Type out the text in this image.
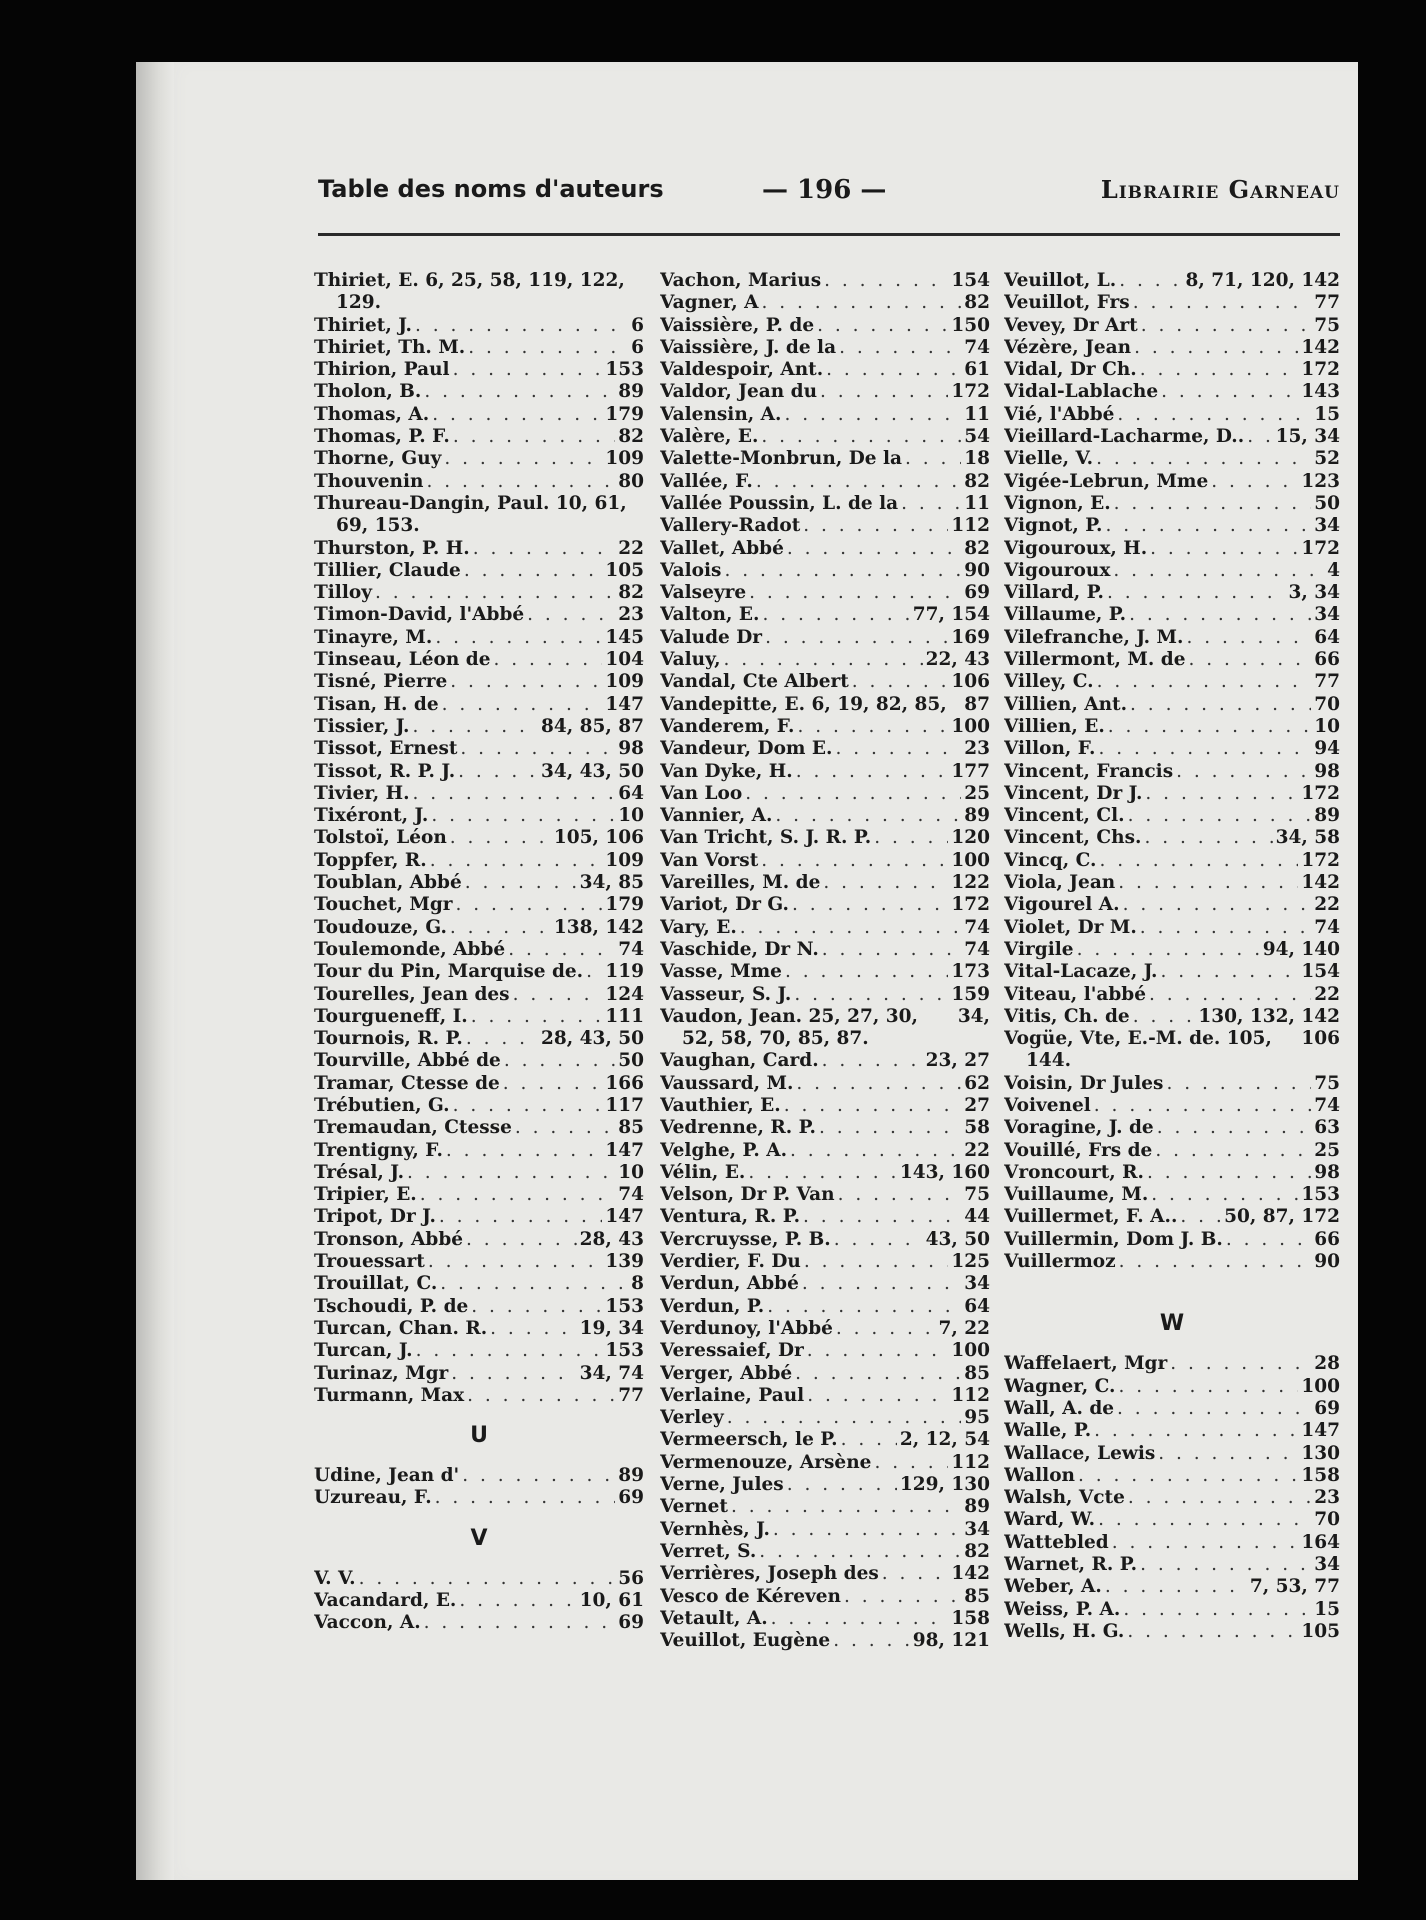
Table des noms d'auteurs	— 196 —	Librairie Garneau
Thiriet, E. 6, 25, 58, 119, 122,
129.
Thiriet, J. . . .	6
Thiriet, Th. M. . . .	6
Thirion, Paul . . .	153
Tholon, B. . . .	89
Thomas, A. . . .	179
Thomas, P. F. . . .	82
Thorne, Guy . . .	109
Thouvenin . . .	80
Thureau-Dangin, Paul. 10, 61,
69, 153.
Thurston, P. H. . . .	22
Tillier, Claude . . .	105
Tilloy . . .	82
Timon-David, l'Abbé . . .	23
Tinayre, M. . . .	145
Tinseau, Léon de . . .	104
Tisné, Pierre . . .	109
Tisan, H. de . . .	147
Tissier, J. . . .	84, 85, 87
Tissot, Ernest . . .	98
Tissot, R. P. J. . . .	34, 43, 50
Tivier, H. . . .	64
Tixéront, J. . . .	10
Tolstoï, Léon . . .	105, 106
Toppfer, R. . . .	109
Toublan, Abbé . . .	34, 85
Touchet, Mgr . . .	179
Toudouze, G. . . .	138, 142
Toulemonde, Abbé . . .	74
Tour du Pin, Marquise de. . . . 119
Tourelles, Jean des . . .	124
Tourgueneff, I. . . .	111
Tournois, R. P. . . .	28, 43, 50
Tourville, Abbé de . . .	50
Tramar, Ctesse de . . .	166
Trébutien, G. . . .	117
Tremaudan, Ctesse . . .	85
Trentigny, F. . . .	147
Trésal, J. . . .	10
Tripier, E. . . .	74
Tripot, Dr J. . . .	147
Tronson, Abbé . . .	28, 43
Trouessart . . .	139
Trouillat, C. . . .	8
Tschoudi, P. de . . .	153
Turcan, Chan. R. . . .	19, 34
Turcan, J. . . .	153
Turinaz, Mgr . . .	34, 74
Turmann, Max . . .	77
U
Udine, Jean d' . . .	89
Uzureau, F. . . .	69
V
V. V. . . .	56
Vacandard, E. . . .	10, 61
Vaccon, A. . . .	69
Vachon, Marius . . .	154
Vagner, A . . .	82
Vaissière, P. de . . .	150
Vaissière, J. de la . . .	74
Valdespoir, Ant. . . .	61
Valdor, Jean du . . .	172
Valensin, A. . . .	11
Valère, E. . . .	54
Valette-Monbrun, De la . . .	18
Vallée, F. . . .	82
Vallée Poussin, L. de la . . .	11
Vallery-Radot . . .	112
Vallet, Abbé . . .	82
Valois . . .	90
Valseyre . . .	69
Valton, E. . . .	77, 154
Valude Dr . . .	169
Valuy, . . .	22, 43
Vandal, Cte Albert . . .	106
Vandepitte, E. 6, 19, 82, 85, 87
Vanderem, F. . . .	100
Vandeur, Dom E. . . .	23
Van Dyke, H. . . .	177
Van Loo . . .	25
Vannier, A. . . .	89
Van Tricht, S. J. R. P. . . .	120
Van Vorst . . .	100
Vareilles, M. de . . .	122
Variot, Dr G. . . .	172
Vary, E. . . .	74
Vaschide, Dr N. . . .	74
Vasse, Mme . . .	173
Vasseur, S. J. . . .	159
Vaudon, Jean. 25, 27, 30, 34,
52, 58, 70, 85, 87.
Vaughan, Card. . . .	23, 27
Vaussard, M. . . .	62
Vauthier, E. . . .	27
Vedrenne, R. P. . . .	58
Velghe, P. A. . . .	22
Vélin, E. . . .	143, 160
Velson, Dr P. Van . . .	75
Ventura, R. P. . . .	44
Vercruysse, P. B. . . .	43, 50
Verdier, F. Du . . .	125
Verdun, Abbé . . .	34
Verdun, P. . . .	64
Verdunoy, l'Abbé . . .	7, 22
Veressaief, Dr . . .	100
Verger, Abbé . . .	85
Verlaine, Paul . . .	112
Verley . . .	95
Vermeersch, le P. . . .	2, 12, 54
Vermenouze, Arsène . . .	112
Verne, Jules . . .	129, 130
Vernet . . .	89
Vernhès, J. . . .	34
Verret, S. . . .	82
Verrières, Joseph des . . .	142
Vesco de Kéreven . . .	85
Vetault, A. . . .	158
Veuillot, Eugène . . .	98, 121
Veuillot, L. . . .	8, 71, 120, 142
Veuillot, Frs . . .	77
Vevey, Dr Art . . .	75
Vézère, Jean . . .	142
Vidal, Dr Ch. . . .	172
Vidal-Lablache . . .	143
Vié, l'Abbé . . .	15
Vieillard-Lacharme, D.. . . . 15, 34
Vielle, V. . . .	52
Vigée-Lebrun, Mme . . .	123
Vignon, E. . . .	50
Vignot, P. . . .	34
Vigouroux, H. . . .	172
Vigouroux . . .	4
Villard, P. . . .	3, 34
Villaume, P. . . .	34
Vilefranche, J. M. . . .	64
Villermont, M. de . . .	66
Villey, C. . . .	77
Villien, Ant. . . .	70
Villien, E. . . .	10
Villon, F. . . .	94
Vincent, Francis . . .	98
Vincent, Dr J. . . .	172
Vincent, Cl. . . .	89
Vincent, Chs. . . .	34, 58
Vincq, C. . . .	172
Viola, Jean . . .	142
Vigourel A. . . .	22
Violet, Dr M. . . .	74
Virgile . . .	94, 140
Vital-Lacaze, J. . . .	154
Viteau, l'abbé . . .	22
Vitis, Ch. de . . .	130, 132, 142
Vogüe, Vte, E.-M. de. 105, 106
144.
Voisin, Dr Jules . . .	75
Voivenel . . .	74
Voragine, J. de . . .	63
Vouillé, Frs de . . .	25
Vroncourt, R. . . .	98
Vuillaume, M. . . .	153
Vuillermet, F. A.. . . .	50, 87, 172
Vuillermin, Dom J. B. . . .	66
Vuillermoz . . .	90
W
Waffelaert, Mgr . . .	28
Wagner, C. . . .	100
Wall, A. de . . .	69
Walle, P. . . .	147
Wallace, Lewis . . .	130
Wallon . . .	158
Walsh, Vcte . . .	23
Ward, W. . . .	70
Wattebled . . .	164
Warnet, R. P. . . .	34
Weber, A. . . .	7, 53, 77
Weiss, P. A. . . .	15
Wells, H. G. . . .	105
